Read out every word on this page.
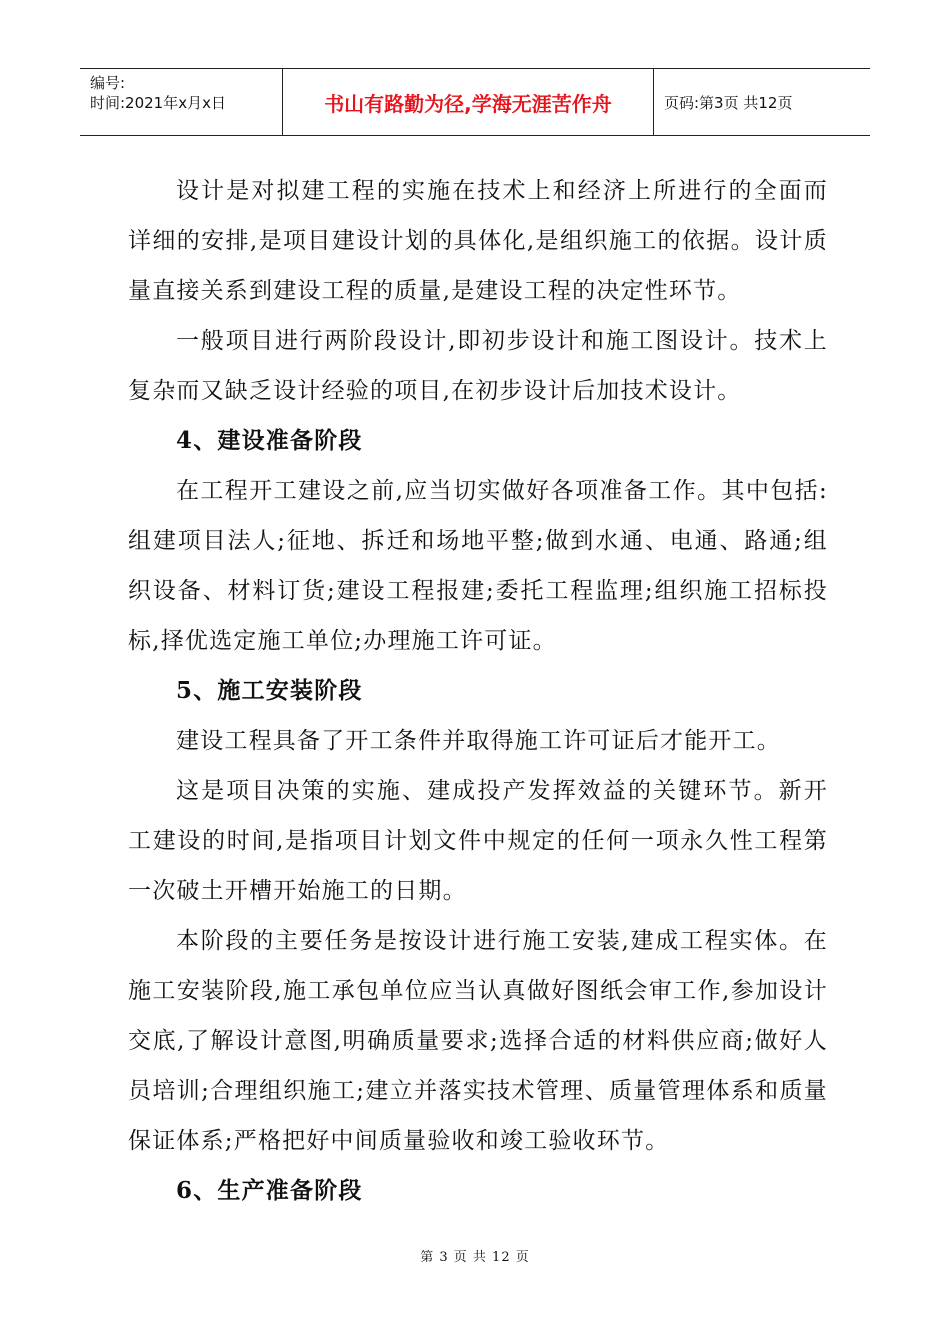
编号:
时间:2021年x月x日	书山有路勤为径,学海无涯苦作舟	页码:第3页 共12页

设计是对拟建工程的实施在技术上和经济上所进行的全面而详细的安排,是项目建设计划的具体化,是组织施工的依据。设计质量直接关系到建设工程的质量,是建设工程的决定性环节。

一般项目进行两阶段设计,即初步设计和施工图设计。技术上复杂而又缺乏设计经验的项目,在初步设计后加技术设计。

4、建设准备阶段

在工程开工建设之前,应当切实做好各项准备工作。其中包括:组建项目法人;征地、拆迁和场地平整;做到水通、电通、路通;组织设备、材料订货;建设工程报建;委托工程监理;组织施工招标投标,择优选定施工单位;办理施工许可证。

5、施工安装阶段

建设工程具备了开工条件并取得施工许可证后才能开工。

这是项目决策的实施、建成投产发挥效益的关键环节。新开工建设的时间,是指项目计划文件中规定的任何一项永久性工程第一次破土开槽开始施工的日期。

本阶段的主要任务是按设计进行施工安装,建成工程实体。在施工安装阶段,施工承包单位应当认真做好图纸会审工作,参加设计交底,了解设计意图,明确质量要求;选择合适的材料供应商;做好人员培训;合理组织施工;建立并落实技术管理、质量管理体系和质量保证体系;严格把好中间质量验收和竣工验收环节。

6、生产准备阶段

第 3 页 共 12 页
